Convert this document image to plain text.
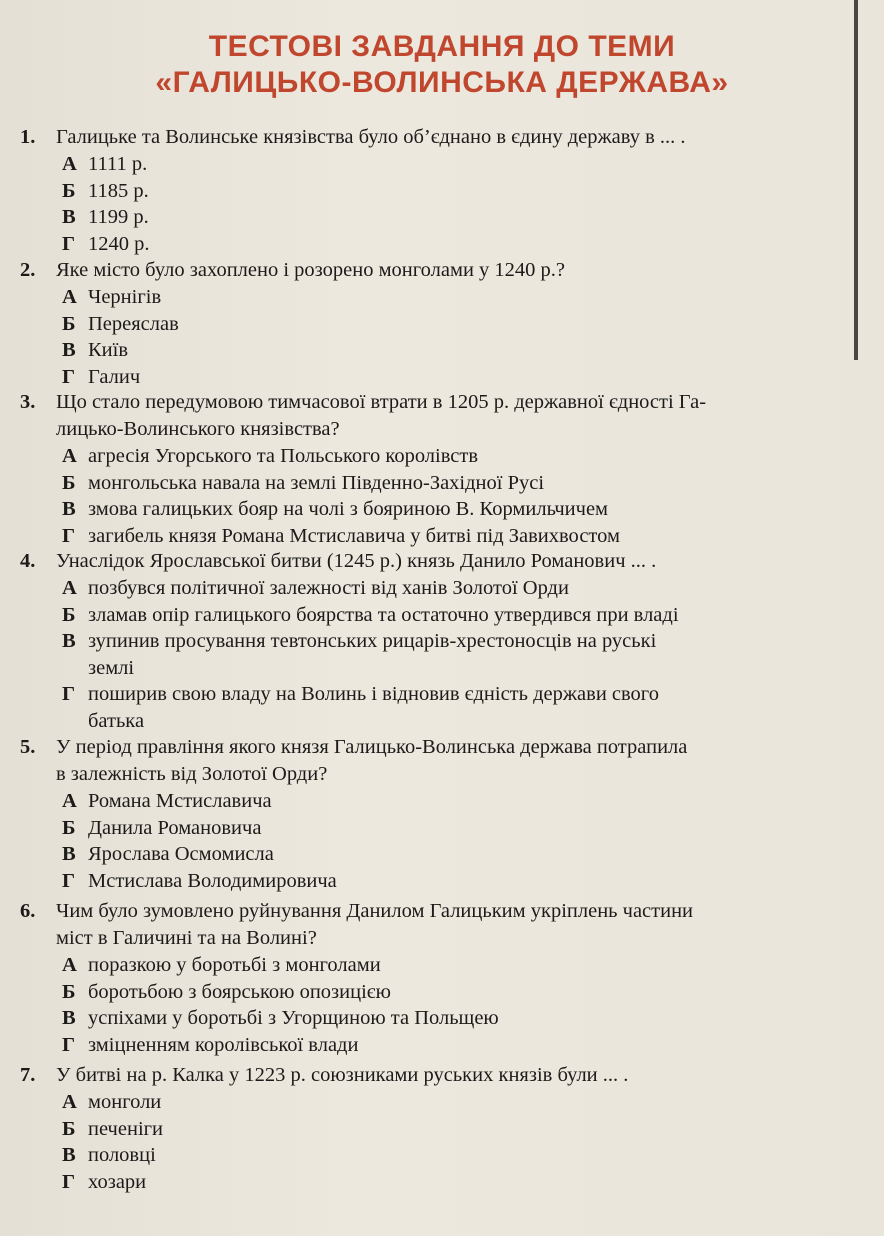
ТЕСТОВІ ЗАВДАННЯ ДО ТЕМИ
«ГАЛИЦЬКО-ВОЛИНСЬКА ДЕРЖАВА»
1.	Галицьке та Волинське князівства було об’єднано в єдину державу в ... .
А 1111 р.
Б 1185 р.
В 1199 р.
Г 1240 р.
2.	Яке місто було захоплено і розорено монголами у 1240 р.?
А Чернігів
Б Переяслав
В Київ
Г Галич
3.	Що стало передумовою тимчасової втрати в 1205 р. державної єдності Га-
лицько-Волинського князівства?
А агресія Угорського та Польського королівств
Б монгольська навала на землі Південно-Західної Русі
В змова галицьких бояр на чолі з бояриною В. Кормильчичем
Г загибель князя Романа Мстиславича у битві під Завихвостом
4.	Унаслідок Ярославської битви (1245 р.) князь Данило Романович ... .
А позбувся політичної залежності від ханів Золотої Орди
Б зламав опір галицького боярства та остаточно утвердився при владі
В зупинив просування тевтонських рицарів-хрестоносців на руські
землі
Г поширив свою владу на Волинь і відновив єдність держави свого
батька
5.	У період правління якого князя Галицько-Волинська держава потрапила
в залежність від Золотої Орди?
А Романа Мстиславича
Б Данила Романовича
В Ярослава Осмомисла
Г Мстислава Володимировича
6.	Чим було зумовлено руйнування Данилом Галицьким укріплень частини
міст в Галичині та на Волині?
А поразкою у боротьбі з монголами
Б боротьбою з боярською опозицією
В успіхами у боротьбі з Угорщиною та Польщею
Г зміцненням королівської влади
7.	У битві на р. Калка у 1223 р. союзниками руських князів були ... .
А монголи
Б печеніги
В половці
Г хозари
